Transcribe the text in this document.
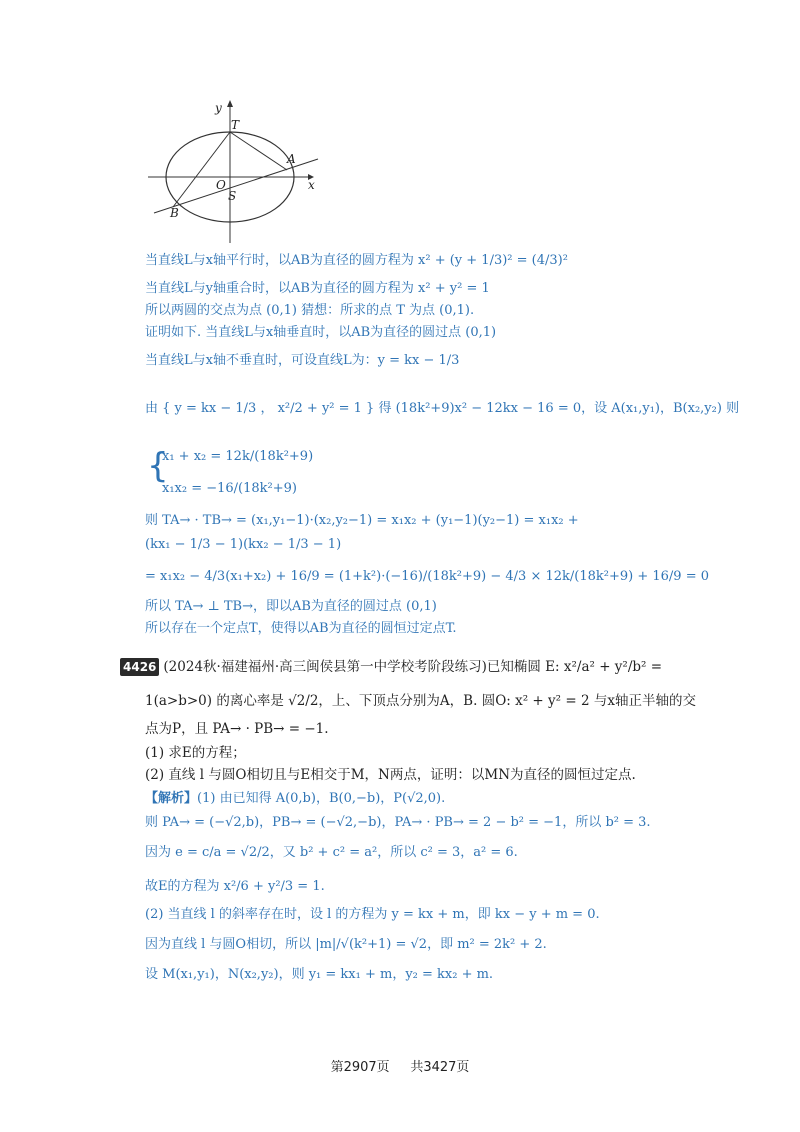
y
x
T
A
O
S
B
当直线L与x轴平行时，以AB为直径的圆方程为 x² + (y + 1/3)² = (4/3)²
当直线L与y轴重合时，以AB为直径的圆方程为 x² + y² = 1
所以两圆的交点为点 (0,1) 猜想：所求的点 T 为点 (0,1).
证明如下. 当直线L与x轴垂直时，以AB为直径的圆过点 (0,1)
当直线L与x轴不垂直时，可设直线L为：y = kx − 1/3
由 { y = kx − 1/3 ， x²/2 + y² = 1 } 得 (18k²+9)x² − 12kx − 16 = 0，设 A(x₁,y₁)，B(x₂,y₂) 则
{
x₁ + x₂ = 12k/(18k²+9)
x₁x₂ = −16/(18k²+9)
则 TA→ · TB→ = (x₁,y₁−1)·(x₂,y₂−1) = x₁x₂ + (y₁−1)(y₂−1) = x₁x₂ +
(kx₁ − 1/3 − 1)(kx₂ − 1/3 − 1)
= x₁x₂ − 4/3(x₁+x₂) + 16/9 = (1+k²)·(−16)/(18k²+9) − 4/3 × 12k/(18k²+9) + 16/9 = 0
所以 TA→ ⊥ TB→，即以AB为直径的圆过点 (0,1)
所以存在一个定点T，使得以AB为直径的圆恒过定点T.
4426 (2024秋·福建福州·高三闽侯县第一中学校考阶段练习)已知椭圆 E: x²/a² + y²/b² =
1(a>b>0) 的离心率是 √2/2，上、下顶点分别为A，B. 圆O: x² + y² = 2 与x轴正半轴的交
点为P，且 PA→ · PB→ = −1.
(1) 求E的方程；
(2) 直线 l 与圆O相切且与E相交于M，N两点，证明：以MN为直径的圆恒过定点.
【解析】(1) 由已知得 A(0,b)，B(0,−b)，P(√2,0).
则 PA→ = (−√2,b)，PB→ = (−√2,−b)，PA→ · PB→ = 2 − b² = −1，所以 b² = 3.
因为 e = c/a = √2/2，又 b² + c² = a²，所以 c² = 3，a² = 6.
故E的方程为 x²/6 + y²/3 = 1.
(2) 当直线 l 的斜率存在时，设 l 的方程为 y = kx + m，即 kx − y + m = 0.
因为直线 l 与圆O相切，所以 |m|/√(k²+1) = √2，即 m² = 2k² + 2.
设 M(x₁,y₁)，N(x₂,y₂)，则 y₁ = kx₁ + m，y₂ = kx₂ + m.
第2907页 共3427页
